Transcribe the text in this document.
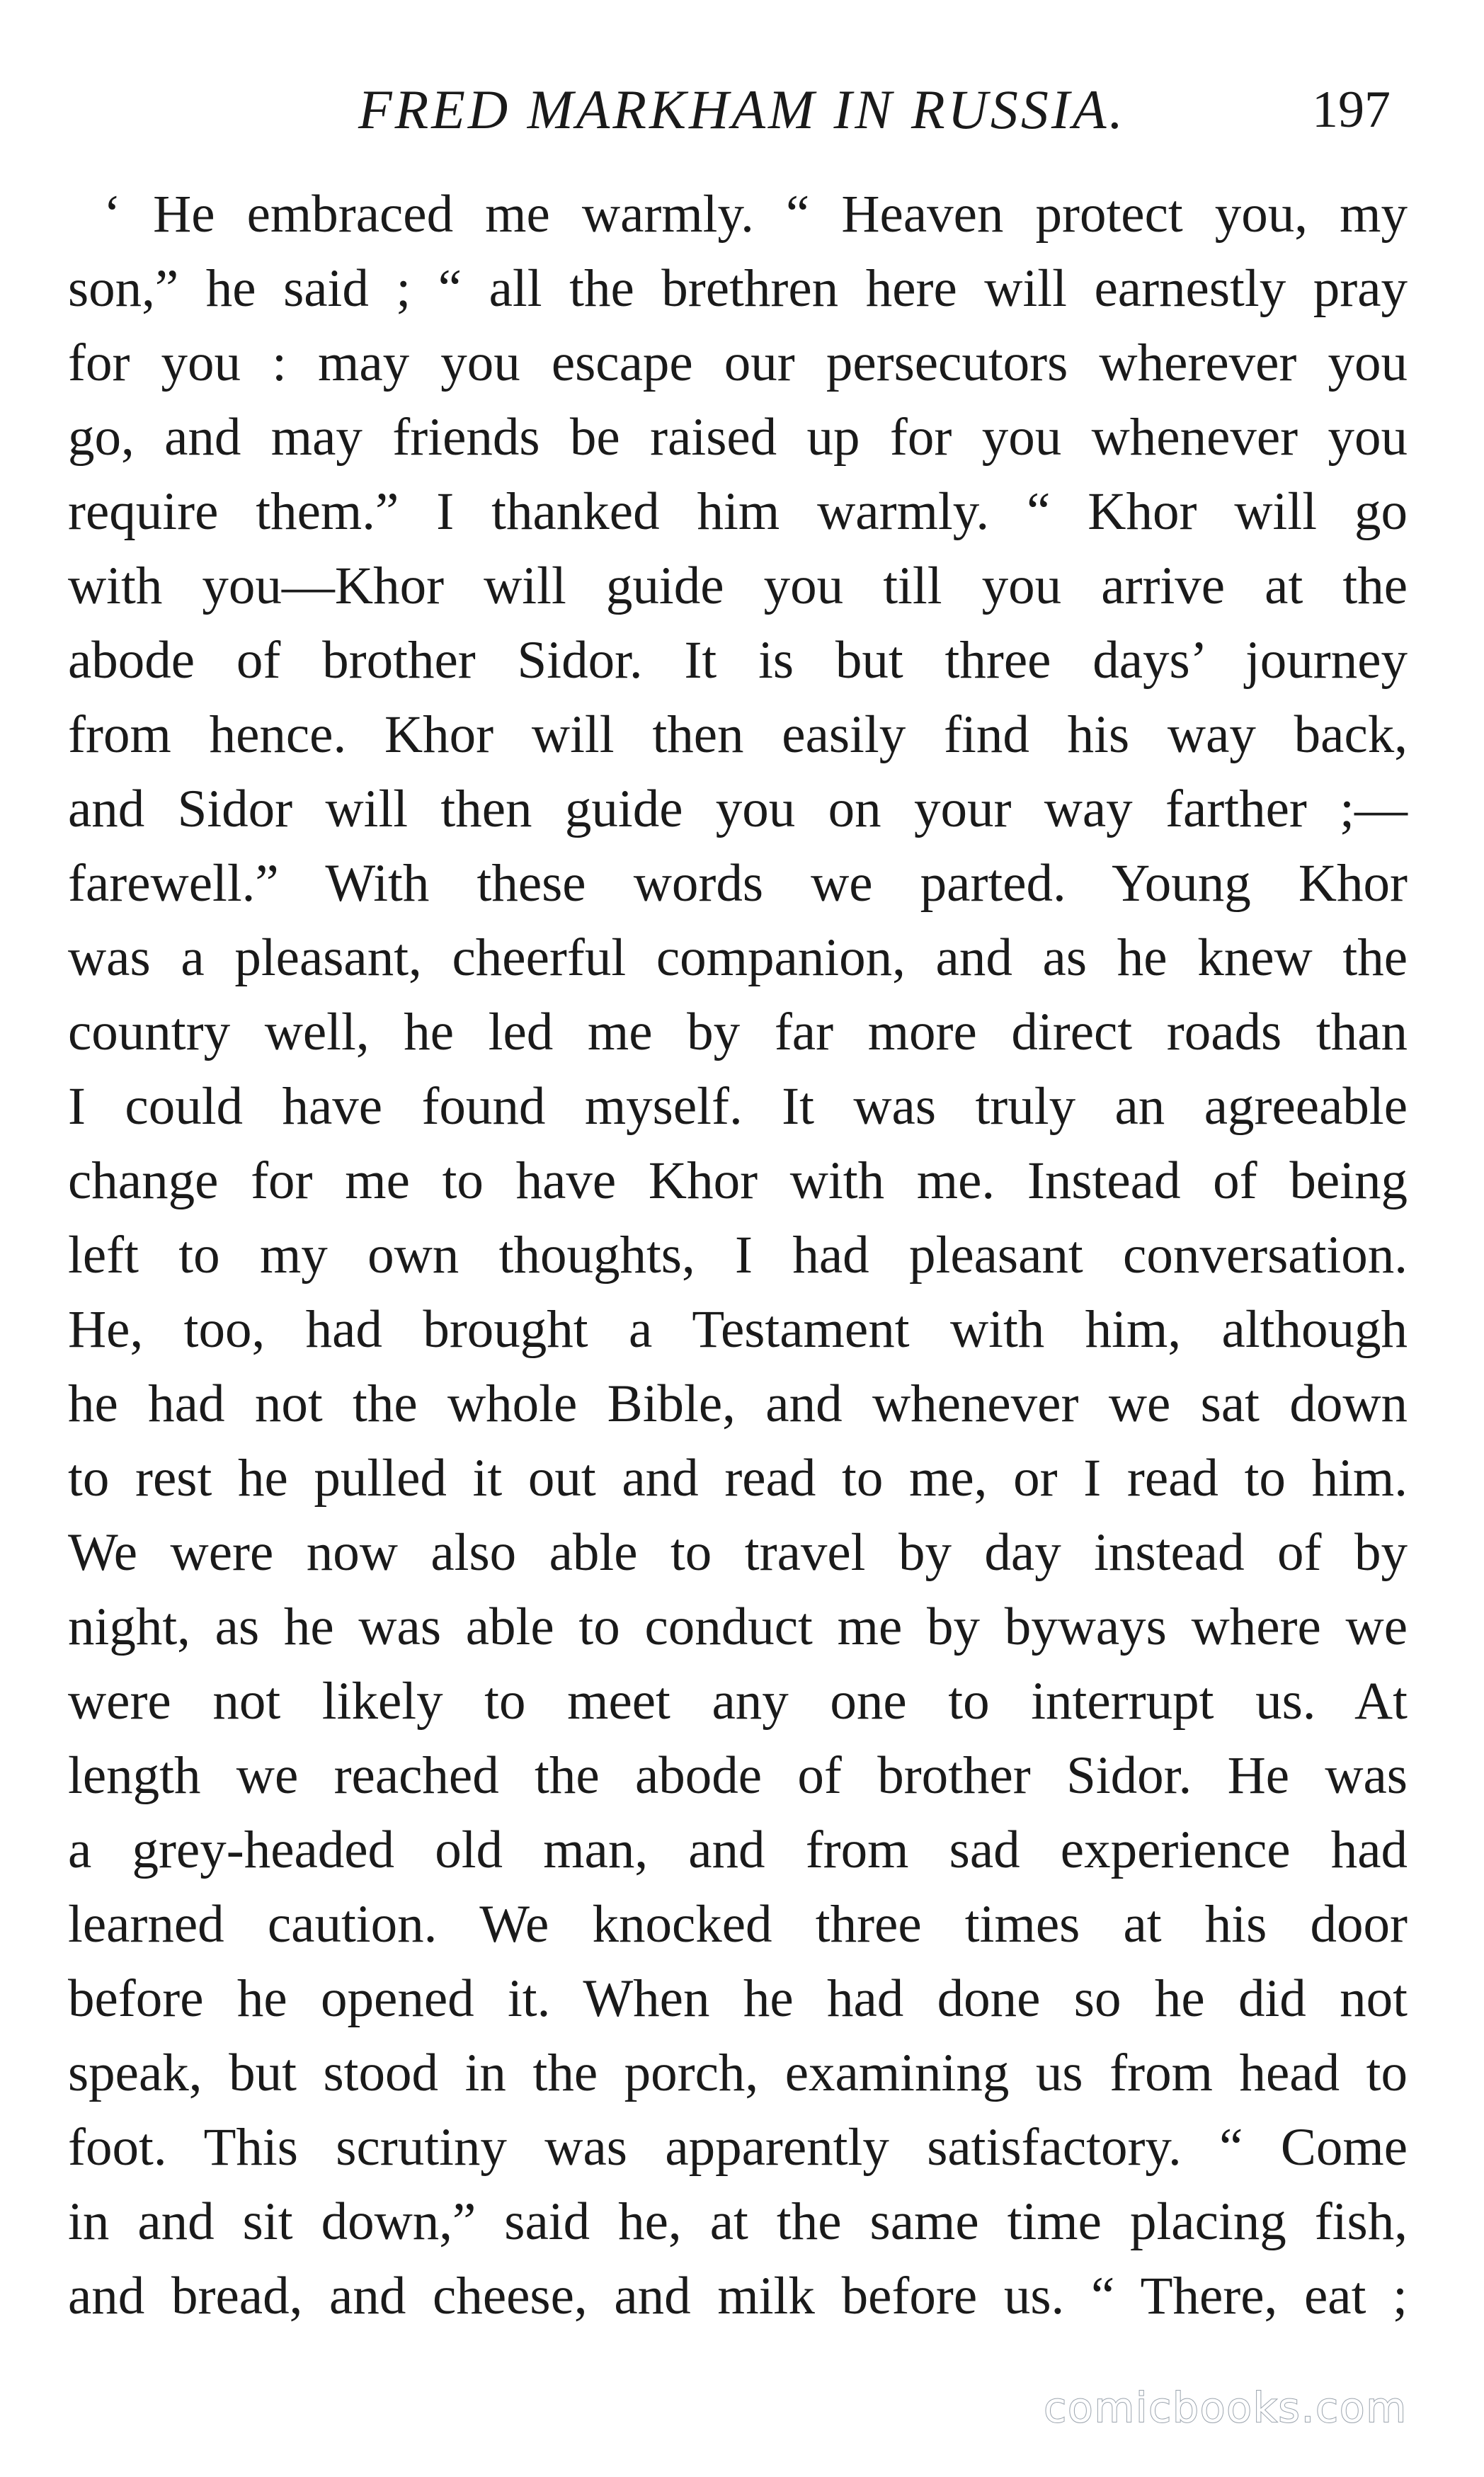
FRED MARKHAM IN RUSSIA.	197
‘ He embraced me warmly. “ Heaven protect you, my
son,” he said ; “ all the brethren here will earnestly pray
for you : may you escape our persecutors wherever you
go, and may friends be raised up for you whenever you
require them.” I thanked him warmly. “ Khor will go
with you—Khor will guide you till you arrive at the
abode of brother Sidor. It is but three days’ journey
from hence. Khor will then easily find his way back,
and Sidor will then guide you on your way farther ;—
farewell.” With these words we parted. Young Khor
was a pleasant, cheerful companion, and as he knew the
country well, he led me by far more direct roads than
I could have found myself. It was truly an agreeable
change for me to have Khor with me. Instead of being
left to my own thoughts, I had pleasant conversation.
He, too, had brought a Testament with him, although
he had not the whole Bible, and whenever we sat down
to rest he pulled it out and read to me, or I read to him.
We were now also able to travel by day instead of by
night, as he was able to conduct me by byways where we
were not likely to meet any one to interrupt us. At
length we reached the abode of brother Sidor. He was
a grey-headed old man, and from sad experience had
learned caution. We knocked three times at his door
before he opened it. When he had done so he did not
speak, but stood in the porch, examining us from head to
foot. This scrutiny was apparently satisfactory. “ Come
in and sit down,” said he, at the same time placing fish,
and bread, and cheese, and milk before us. “ There, eat ;
comicbooks.com
